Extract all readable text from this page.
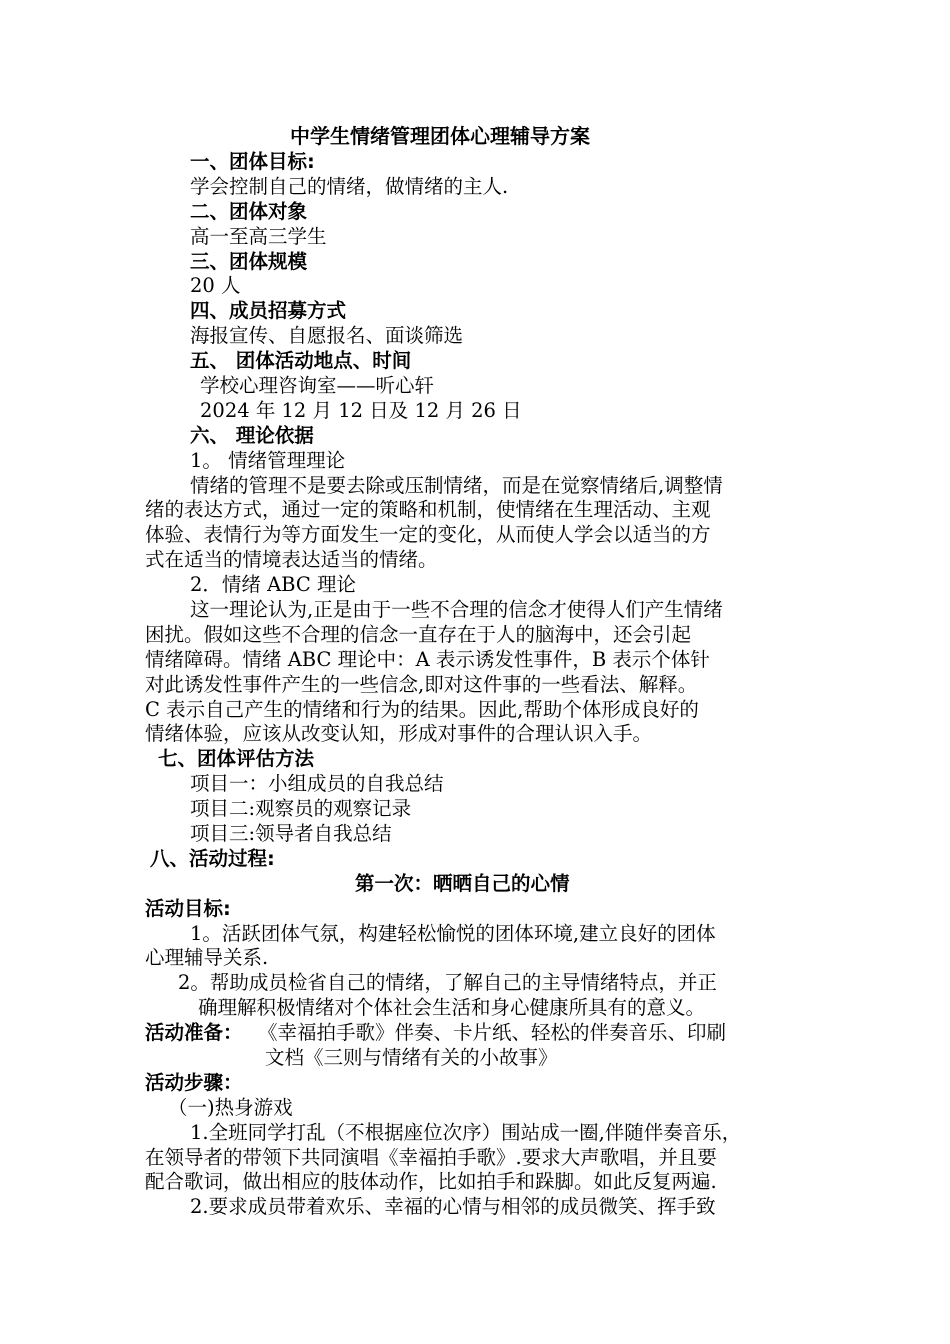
中学生情绪管理团体心理辅导方案
一、团体目标:
学会控制自己的情绪，做情绪的主人.
二、团体对象
高一至高三学生
三、团体规模
20 人
四、成员招募方式
海报宣传、自愿报名、面谈筛选
五、 团体活动地点、时间
学校心理咨询室——听心轩
2024 年 12 月 12 日及 12 月 26 日
六、 理论依据
1。 情绪管理理论
情绪的管理不是要去除或压制情绪，而是在觉察情绪后,调整情
绪的表达方式，通过一定的策略和机制，使情绪在生理活动、主观
体验、表情行为等方面发生一定的变化，从而使人学会以适当的方
式在适当的情境表达适当的情绪。
2．情绪 ABC 理论
这一理论认为,正是由于一些不合理的信念才使得人们产生情绪
困扰。假如这些不合理的信念一直存在于人的脑海中，还会引起
情绪障碍。情绪 ABC 理论中：A 表示诱发性事件，B 表示个体针
对此诱发性事件产生的一些信念,即对这件事的一些看法、解释。
C 表示自己产生的情绪和行为的结果。因此,帮助个体形成良好的
情绪体验，应该从改变认知，形成对事件的合理认识入手。
七、团体评估方法
项目一：小组成员的自我总结
项目二:观察员的观察记录
项目三:领导者自我总结
八、活动过程:
第一次：晒晒自己的心情
活动目标:
1。活跃团体气氛，构建轻松愉悦的团体环境,建立良好的团体
心理辅导关系.
2。帮助成员检省自己的情绪，了解自己的主导情绪特点，并正
确理解积极情绪对个体社会生活和身心健康所具有的意义。
活动准备： 《幸福拍手歌》伴奏、卡片纸、轻松的伴奏音乐、印刷
文档《三则与情绪有关的小故事》
活动步骤：
（一)热身游戏
1.全班同学打乱（不根据座位次序）围站成一圈,伴随伴奏音乐，
在领导者的带领下共同演唱《幸福拍手歌》.要求大声歌唱，并且要
配合歌词，做出相应的肢体动作，比如拍手和跺脚。如此反复两遍.
2.要求成员带着欢乐、幸福的心情与相邻的成员微笑、挥手致
